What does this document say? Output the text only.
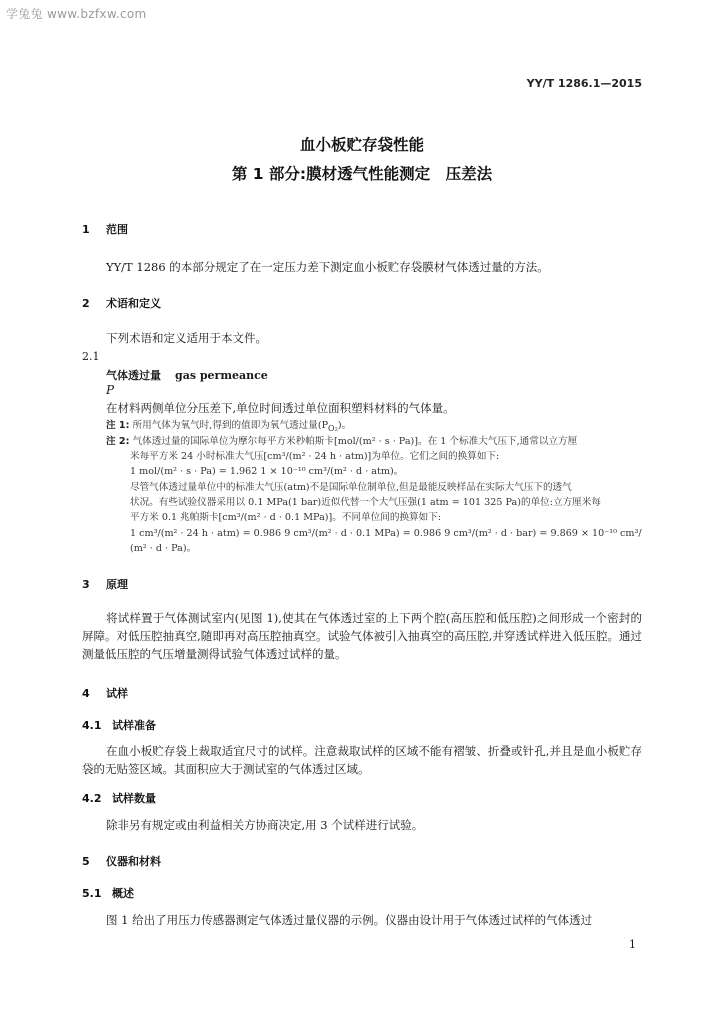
学兔兔 www.bzfxw.com
YY/T 1286.1—2015
血小板贮存袋性能
第 1 部分:膜材透气性能测定　压差法
1 范围
YY/T 1286 的本部分规定了在一定压力差下测定血小板贮存袋膜材气体透过量的方法。
2 术语和定义
下列术语和定义适用于本文件。
2.1
气体透过量 gas permeance
P
在材料两侧单位分压差下,单位时间透过单位面积塑料材料的气体量。
注 1: 所用气体为氧气时,得到的值即为氧气透过量$(P_{O_2})$。
注 2: 气体透过量的国际单位为摩尔每平方米秒帕斯卡[mol/(m² · s · Pa)]。在 1 个标准大气压下,通常以立方厘
米每平方米 24 小时标准大气压[cm³/(m² · 24 h · atm)]为单位。它们之间的换算如下:
1 mol/(m² · s · Pa) = 1.962 1 × 10⁻¹⁰ cm³/(m² · d · atm)。
尽管气体透过量单位中的标准大气压(atm)不是国际单位制单位,但是最能反映样品在实际大气压下的透气
状况。有些试验仪器采用以 0.1 MPa(1 bar)近似代替一个大气压强(1 atm = 101 325 Pa)的单位:立方厘米每
平方米 0.1 兆帕斯卡[cm³/(m² · d · 0.1 MPa)]。不同单位间的换算如下:
1 cm³/(m² · 24 h · atm) = 0.986 9 cm³/(m² · d · 0.1 MPa) = 0.986 9 cm³/(m² · d · bar) = 9.869 × 10⁻¹⁰ cm³/
(m² · d · Pa)。
3 原理
将试样置于气体测试室内(见图 1),使其在气体透过室的上下两个腔(高压腔和低压腔)之间形成一个密封的屏障。对低压腔抽真空,随即再对高压腔抽真空。试验气体被引入抽真空的高压腔,并穿透试样进入低压腔。通过测量低压腔的气压增量测得试验气体透过试样的量。
4 试样
4.1 试样准备
在血小板贮存袋上裁取适宜尺寸的试样。注意裁取试样的区域不能有褶皱、折叠或针孔,并且是血小板贮存袋的无贴签区域。其面积应大于测试室的气体透过区域。
4.2 试样数量
除非另有规定或由利益相关方协商决定,用 3 个试样进行试验。
5 仪器和材料
5.1 概述
图 1 给出了用压力传感器测定气体透过量仪器的示例。仪器由设计用于气体透过试样的气体透过
1
